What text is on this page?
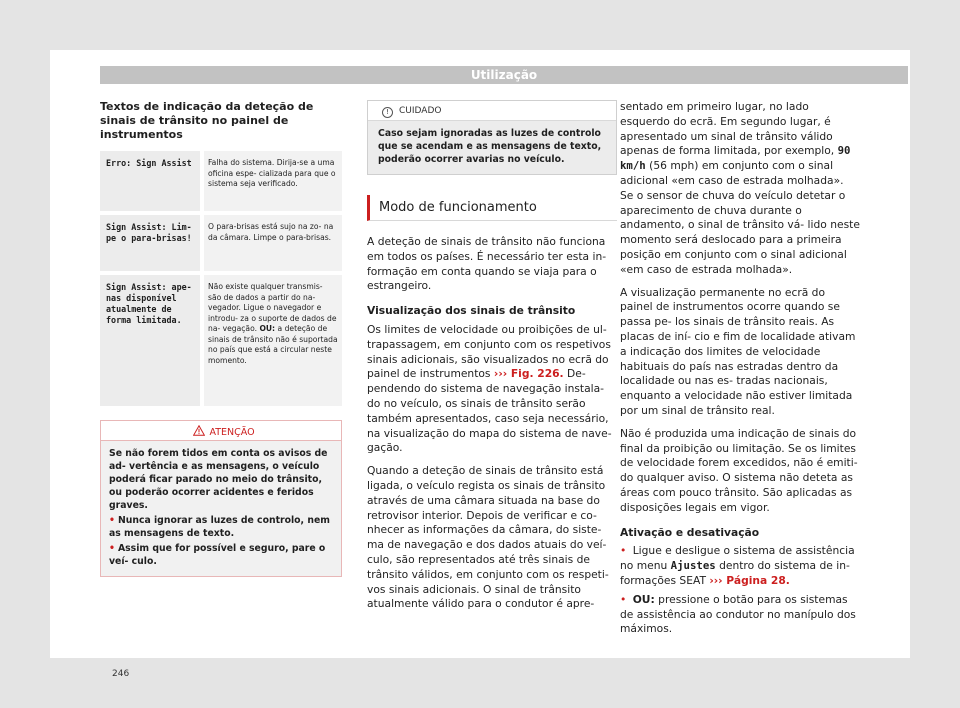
Utilização
Textos de indicação da deteção de sinais de trânsito no painel de instrumentos
Erro: Sign Assist	Falha do sistema. Dirija-se a uma oficina espe- cializada para que o sistema seja verificado.
Sign Assist: Lim- pe o para-brisas!
O para-brisas está sujo na zo- na da câmara. Limpe o para-brisas.
Sign Assist: ape- nas disponível atualmente de forma limitada.
Não existe qualquer transmis- são de dados a partir do na- vegador. Ligue o navegador e introdu- za o suporte de dados de na- vegação. OU: a deteção de sinais de trânsito não é suportada no país que está a circular neste momento.
ATENÇÃO
Se não forem tidos em conta os avisos de ad- vertência e as mensagens, o veículo poderá ficar parado no meio do trânsito, ou poderão ocorrer acidentes e feridos graves.
• Nunca ignorar as luzes de controlo, nem as mensagens de texto.
• Assim que for possível e seguro, pare o veí- culo.
! CUIDADO
Caso sejam ignoradas as luzes de controlo que se acendam e as mensagens de texto, poderão ocorrer avarias no veículo.
Modo de funcionamento
A deteção de sinais de trânsito não funciona em todos os países. É necessário ter esta in- formação em conta quando se viaja para o estrangeiro.
Visualização dos sinais de trânsito
Os limites de velocidade ou proibições de ul- trapassagem, em conjunto com os respetivos sinais adicionais, são visualizados no ecrã do painel de instrumentos ››› Fig. 226. De- pendendo do sistema de navegação instala- do no veículo, os sinais de trânsito serão também apresentados, caso seja necessário, na visualização do mapa do sistema de nave- gação.
Quando a deteção de sinais de trânsito está ligada, o veículo regista os sinais de trânsito através de uma câmara situada na base do retrovisor interior. Depois de verificar e co- nhecer as informações da câmara, do siste- ma de navegação e dos dados atuais do veí- culo, são representados até três sinais de trânsito válidos, em conjunto com os respeti- vos sinais adicionais. O sinal de trânsito atualmente válido para o condutor é apre-
sentado em primeiro lugar, no lado esquerdo do ecrã. Em segundo lugar, é apresentado um sinal de trânsito válido apenas de forma limitada, por exemplo, 90 km/h (56 mph) em conjunto com o sinal adicional «em caso de estrada molhada». Se o sensor de chuva do veículo detetar o aparecimento de chuva durante o andamento, o sinal de trânsito vá- lido neste momento será deslocado para a primeira posição em conjunto com o sinal adicional «em caso de estrada molhada».
A visualização permanente no ecrã do painel de instrumentos ocorre quando se passa pe- los sinais de trânsito reais. As placas de iní- cio e fim de localidade ativam a indicação dos limites de velocidade habituais do país nas estradas dentro da localidade ou nas es- tradas nacionais, enquanto a velocidade não estiver limitada por um sinal de trânsito real.
Não é produzida uma indicação de sinais do final da proibição ou limitação. Se os limites de velocidade forem excedidos, não é emiti- do qualquer aviso. O sistema não deteta as áreas com pouco trânsito. São aplicadas as disposições legais em vigor.
Ativação e desativação
• Ligue e desligue o sistema de assistência no menu Ajustes dentro do sistema de in- formações SEAT ››› Página 28.
• OU: pressione o botão para os sistemas de assistência ao condutor no manípulo dos máximos.
246
